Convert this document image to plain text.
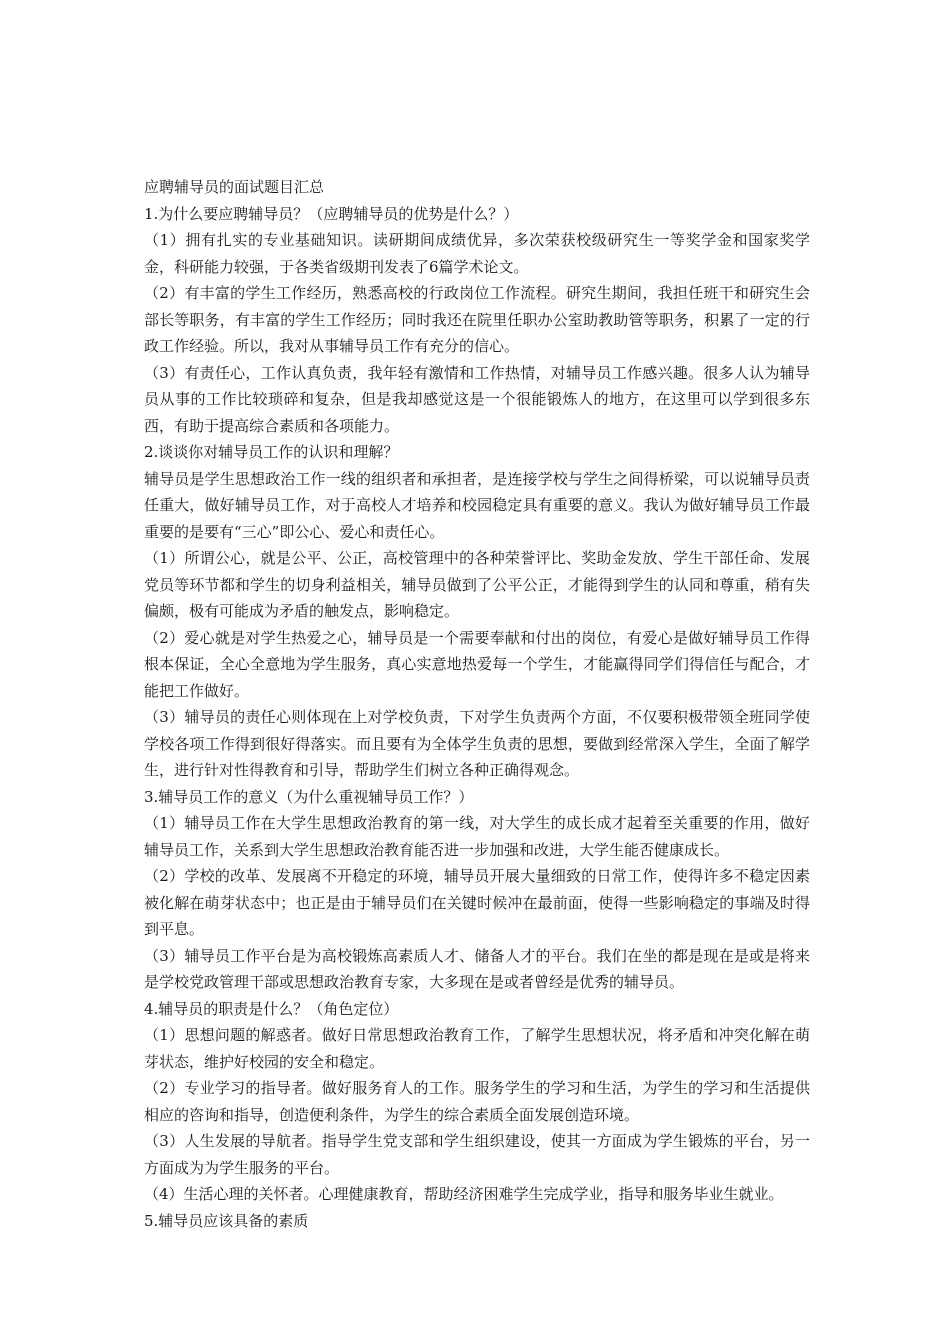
应聘辅导员的面试题目汇总

1.为什么要应聘辅导员？（应聘辅导员的优势是什么？）

（1）拥有扎实的专业基础知识。读研期间成绩优异，多次荣获校级研究生一等奖学金和国家奖学金，科研能力较强，于各类省级期刊发表了6篇学术论文。

（2）有丰富的学生工作经历，熟悉高校的行政岗位工作流程。研究生期间，我担任班干和研究生会部长等职务，有丰富的学生工作经历；同时我还在院里任职办公室助教助管等职务，积累了一定的行政工作经验。所以，我对从事辅导员工作有充分的信心。

（3）有责任心，工作认真负责，我年轻有激情和工作热情，对辅导员工作感兴趣。很多人认为辅导员从事的工作比较琐碎和复杂，但是我却感觉这是一个很能锻炼人的地方，在这里可以学到很多东西，有助于提高综合素质和各项能力。

2.谈谈你对辅导员工作的认识和理解？

辅导员是学生思想政治工作一线的组织者和承担者，是连接学校与学生之间得桥梁，可以说辅导员责任重大，做好辅导员工作，对于高校人才培养和校园稳定具有重要的意义。我认为做好辅导员工作最重要的是要有“三心”即公心、爱心和责任心。

（1）所谓公心，就是公平、公正，高校管理中的各种荣誉评比、奖助金发放、学生干部任命、发展党员等环节都和学生的切身利益相关，辅导员做到了公平公正，才能得到学生的认同和尊重，稍有失偏颇，极有可能成为矛盾的触发点，影响稳定。

（2）爱心就是对学生热爱之心，辅导员是一个需要奉献和付出的岗位，有爱心是做好辅导员工作得根本保证，全心全意地为学生服务，真心实意地热爱每一个学生，才能赢得同学们得信任与配合，才能把工作做好。

（3）辅导员的责任心则体现在上对学校负责，下对学生负责两个方面，不仅要积极带领全班同学使学校各项工作得到很好得落实。而且要有为全体学生负责的思想，要做到经常深入学生，全面了解学生，进行针对性得教育和引导，帮助学生们树立各种正确得观念。

3.辅导员工作的意义（为什么重视辅导员工作？）

（1）辅导员工作在大学生思想政治教育的第一线，对大学生的成长成才起着至关重要的作用，做好辅导员工作，关系到大学生思想政治教育能否进一步加强和改进，大学生能否健康成长。

（2）学校的改革、发展离不开稳定的环境，辅导员开展大量细致的日常工作，使得许多不稳定因素被化解在萌芽状态中；也正是由于辅导员们在关键时候冲在最前面，使得一些影响稳定的事端及时得到平息。

（3）辅导员工作平台是为高校锻炼高素质人才、储备人才的平台。我们在坐的都是现在是或是将来是学校党政管理干部或思想政治教育专家，大多现在是或者曾经是优秀的辅导员。

4.辅导员的职责是什么？（角色定位）

（1）思想问题的解惑者。做好日常思想政治教育工作，了解学生思想状况，将矛盾和冲突化解在萌芽状态，维护好校园的安全和稳定。

（2）专业学习的指导者。做好服务育人的工作。服务学生的学习和生活，为学生的学习和生活提供相应的咨询和指导，创造便利条件，为学生的综合素质全面发展创造环境。

（3）人生发展的导航者。指导学生党支部和学生组织建设，使其一方面成为学生锻炼的平台，另一方面成为为学生服务的平台。

（4）生活心理的关怀者。心理健康教育，帮助经济困难学生完成学业，指导和服务毕业生就业。

5.辅导员应该具备的素质
